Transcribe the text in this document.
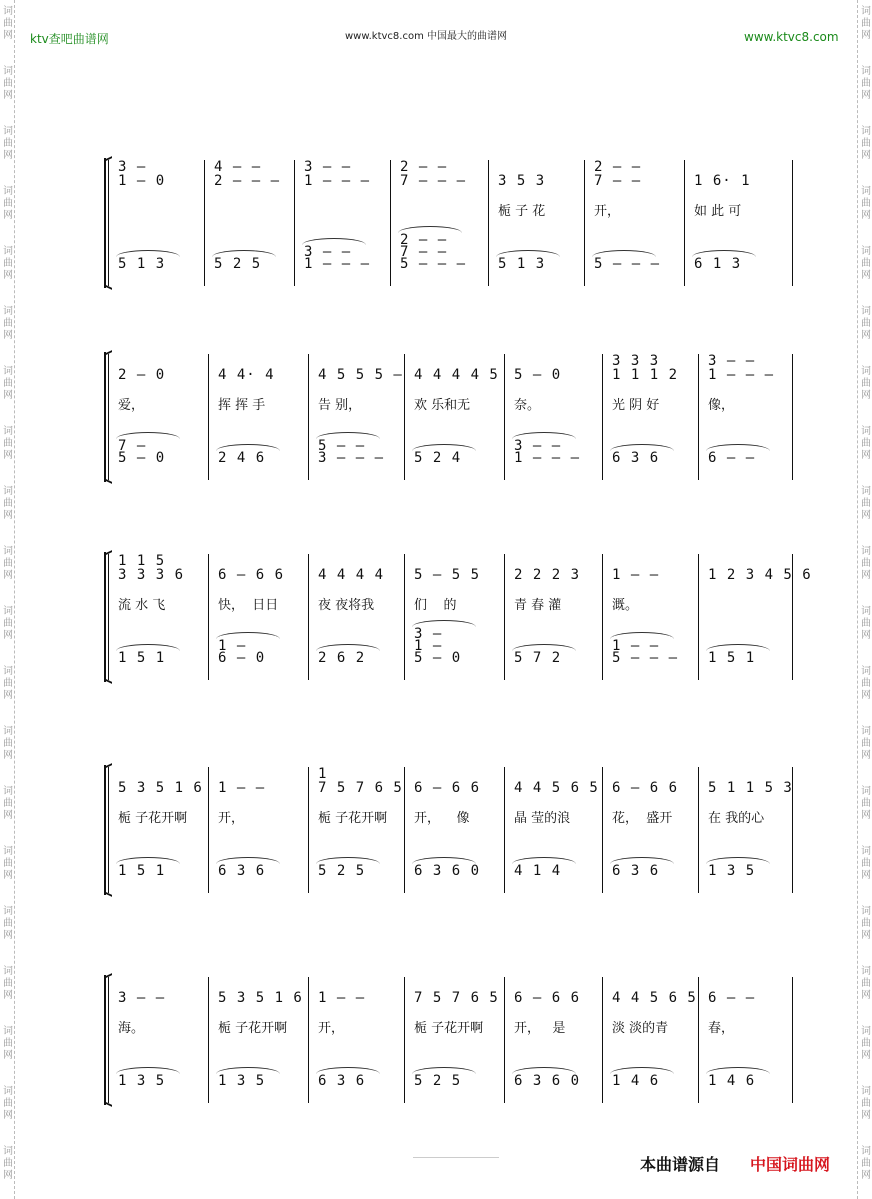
词
曲
网
词
曲
网
词
曲
网
词
曲
网
词
曲
网
词
曲
网
词
曲
网
词
曲
网
词
曲
网
词
曲
网
词
曲
网
词
曲
网
词
曲
网
词
曲
网
词
曲
网
词
曲
网
词
曲
网
词
曲
网
词
曲
网
词
曲
网
词
曲
网
词
曲
网
词
曲
网
词
曲
网
词
曲
网
词
曲
网
词
曲
网
词
曲
网
词
曲
网
词
曲
网
词
曲
网
词
曲
网
词
曲
网
词
曲
网
词
曲
网
词
曲
网
词
曲
网
词
曲
网
词
曲
网
词
曲
网
ktv查吧曲谱网	www.ktvc8.com 中国最大的曲谱网	www.ktvc8.com
3 –
1 – 0
5 1 3
4 – –
2 – – –
5 2 5
3 – –
1 – – –
3 – –
1 – – –
2 – –
7 – – –
2 – –
7 – –
5 – – –
3 5 3
栀 子 花
5 1 3
2 – –
7 – –
开，
5 – – –
1 6· 1
如 此 可
6 1 3
2 – 0
爱，
7 –
5 – 0
4 4· 4
挥 挥 手
2 4 6
4 5 5 5 –
告 别，
5 – –
3 – – –
4 4 4 4 5
欢 乐和无
5 2 4
5 – 0
奈。
3 – –
1 – – –
3 3 3
1 1 1 2
光 阴 好
6 3 6
3 – –
1 – – –
像，
6 – –
1 1 5
3 3 3 6
流 水 飞
1 5 1
6 – 6 6
快，  日日
1 –
6 – 0
4 4 4 4
夜 夜将我
2 6 2
5 – 5 5
们    的
3 –
1 –
5 – 0
2 2 2 3
青 春 灌
5 7 2
1 – –
溉。
1 – –
5 – – –
1 2 3 4 5 6
1 5 1
5 3 5 1 6
栀 子花开啊
1 5 1
1 – –
开，
6 3 6
1
7 5 7 6 5
栀 子花开啊
5 2 5
6 – 6 6
开，    像
6 3 6 0
4 4 5 6 5
晶 莹的浪
4 1 4
6 – 6 6
花，  盛开
6 3 6
5 1 1 5 3
在 我的心
1 3 5
3 – –
海。
1 3 5
5 3 5 1 6
栀 子花开啊
1 3 5
1 – –
开，
6 3 6
7 5 7 6 5
栀 子花开啊
5 2 5
6 – 6 6
开，   是
6 3 6 0
4 4 5 6 5
淡 淡的青
1 4 6
6 – –
春，
1 4 6
本曲谱源自 中国词曲网
